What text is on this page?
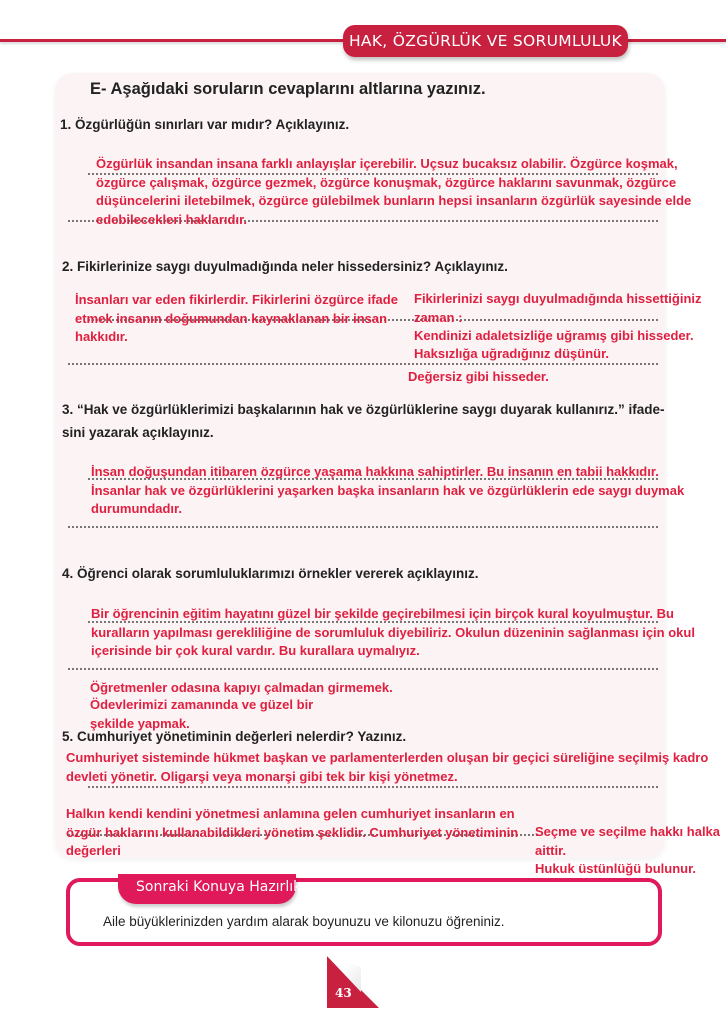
HAK, ÖZGÜRLÜK VE SORUMLULUK
E- Aşağıdaki soruların cevaplarını altlarına yazınız.
1. Özgürlüğün sınırları var mıdır? Açıklayınız.
Özgürlük insandan insana farklı anlayışlar içerebilir. Uçsuz bucaksız olabilir. Özgürce koşmak, özgürce çalışmak, özgürce gezmek, özgürce konuşmak, özgürce haklarını savunmak, özgürce düşüncelerini iletebilmek, özgürce gülebilmek bunların hepsi insanların özgürlük sayesinde elde edebilecekleri haklarıdır.
2. Fikirlerinize saygı duyulmadığında neler hissedersiniz? Açıklayınız.
İnsanları var eden fikirlerdir. Fikirlerini özgürce ifade etmek insanın doğumundan kaynaklanan bir insan hakkıdır.
Fikirlerinizi saygı duyulmadığında hissettiğiniz zaman :
Kendinizi adaletsizliğe uğramış gibi hisseder.
Haksızlığa uğradığınız düşünür.
Değersiz gibi hisseder.
3. “Hak ve özgürlüklerimizi başkalarının hak ve özgürlüklerine saygı duyarak kullanırız.” ifade-
sini yazarak açıklayınız.
İnsan doğuşundan itibaren özgürce yaşama hakkına sahiptirler. Bu insanın en tabii hakkıdır. İnsanlar hak ve özgürlüklerini yaşarken başka insanların hak ve özgürlüklerin ede saygı duymak durumundadır.
4. Öğrenci olarak sorumluluklarımızı örnekler vererek açıklayınız.
Bir öğrencinin eğitim hayatını güzel bir şekilde geçirebilmesi için birçok kural koyulmuştur. Bu kuralların yapılması gerekliliğine de sorumluluk diyebiliriz. Okulun düzeninin sağlanması için okul içerisinde bir çok kural vardır. Bu kurallara uymalıyız.
Öğretmenler odasına kapıyı çalmadan girmemek.
Ödevlerimizi zamanında ve güzel bir şekilde yapmak.
5. Cumhuriyet yönetiminin değerleri nelerdir? Yazınız.
Cumhuriyet sisteminde hükmet başkan ve parlamenterlerden oluşan bir geçici süreliğine seçilmiş kadro devleti yönetir. Oligarşi veya monarşi gibi tek bir kişi yönetmez.
Halkın kendi kendini yönetmesi anlamına gelen cumhuriyet insanların en özgür haklarını kullanabildikleri yönetim şeklidir. Cumhuriyet yönetiminin değerleri
Seçme ve seçilme hakkı halka aittir.
Hukuk üstünlüğü bulunur.
Sonraki Konuya Hazırlık
Aile büyüklerinizden yardım alarak boyunuzu ve kilonuzu öğreniniz.
43
